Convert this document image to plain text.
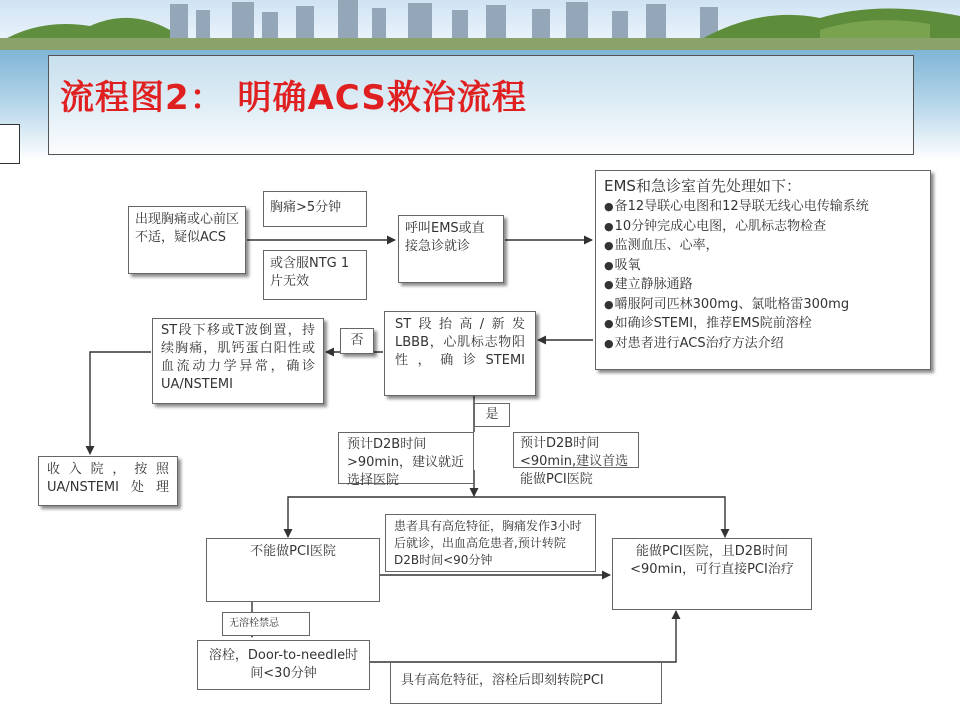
流程图2： 明确ACS救治流程
出现胸痛或心前区不适，疑似ACS
胸痛>5分钟
或含服NTG 1片无效
呼叫EMS或直接急诊就诊
EMS和急诊室首先处理如下：
● 备12导联心电图和12导联无线心电传输系统
● 10分钟完成心电图，心肌标志物检查
● 监测血压、心率，
● 吸氧
● 建立静脉通路
● 嚼服阿司匹林300mg、氯吡格雷300mg
● 如确诊STEMI，推荐EMS院前溶栓
● 对患者进行ACS治疗方法介绍
ST段抬高/新发LBBB，心肌标志物阳性，确诊STEMI
否
ST段下移或T波倒置，持续胸痛，肌钙蛋白阳性或血流动力学异常，确诊UA/NSTEMI
收入院，按照UA/NSTEMI处理
是
预计D2B时间>90min，建议就近选择医院
预计D2B时间<90min,建议首选能做PCI医院
不能做PCI医院
患者具有高危特征，胸痛发作3小时后就诊，出血高危患者,预计转院D2B时间<90分钟
能做PCI医院，且D2B时间<90min，可行直接PCI治疗
无溶栓禁忌
溶栓，Door-to-needle时间<30分钟	具有高危特征，溶栓后即刻转院PCI
